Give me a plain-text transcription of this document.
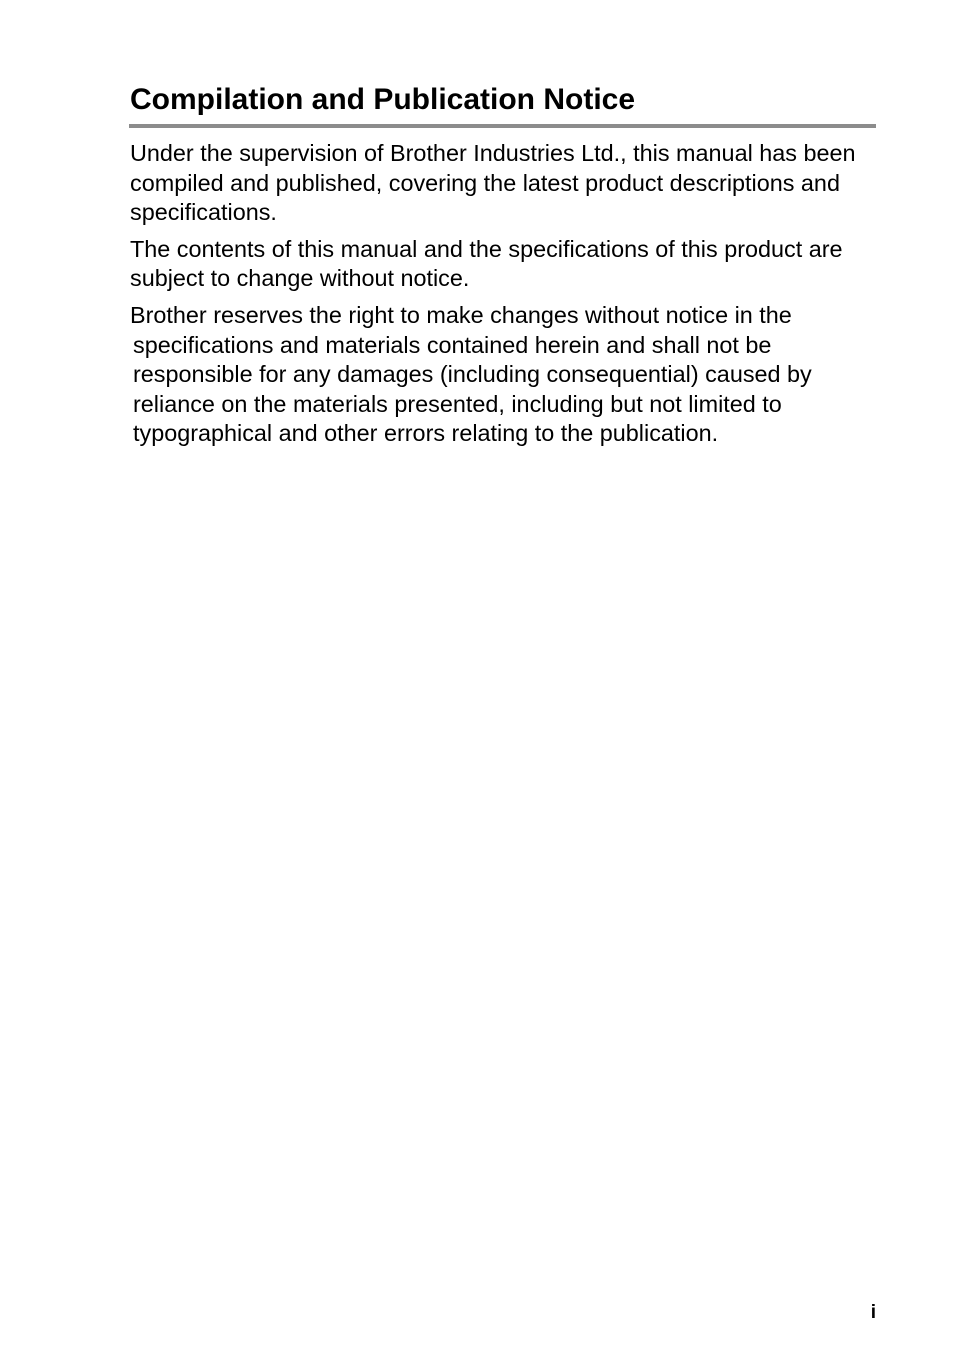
Compilation and Publication Notice

Under the supervision of Brother Industries Ltd., this manual has been compiled and published, covering the latest product descriptions and specifications.

The contents of this manual and the specifications of this product are subject to change without notice.

Brother reserves the right to make changes without notice in the specifications and materials contained herein and shall not be responsible for any damages (including consequential) caused by reliance on the materials presented, including but not limited to typographical and other errors relating to the publication.

i
